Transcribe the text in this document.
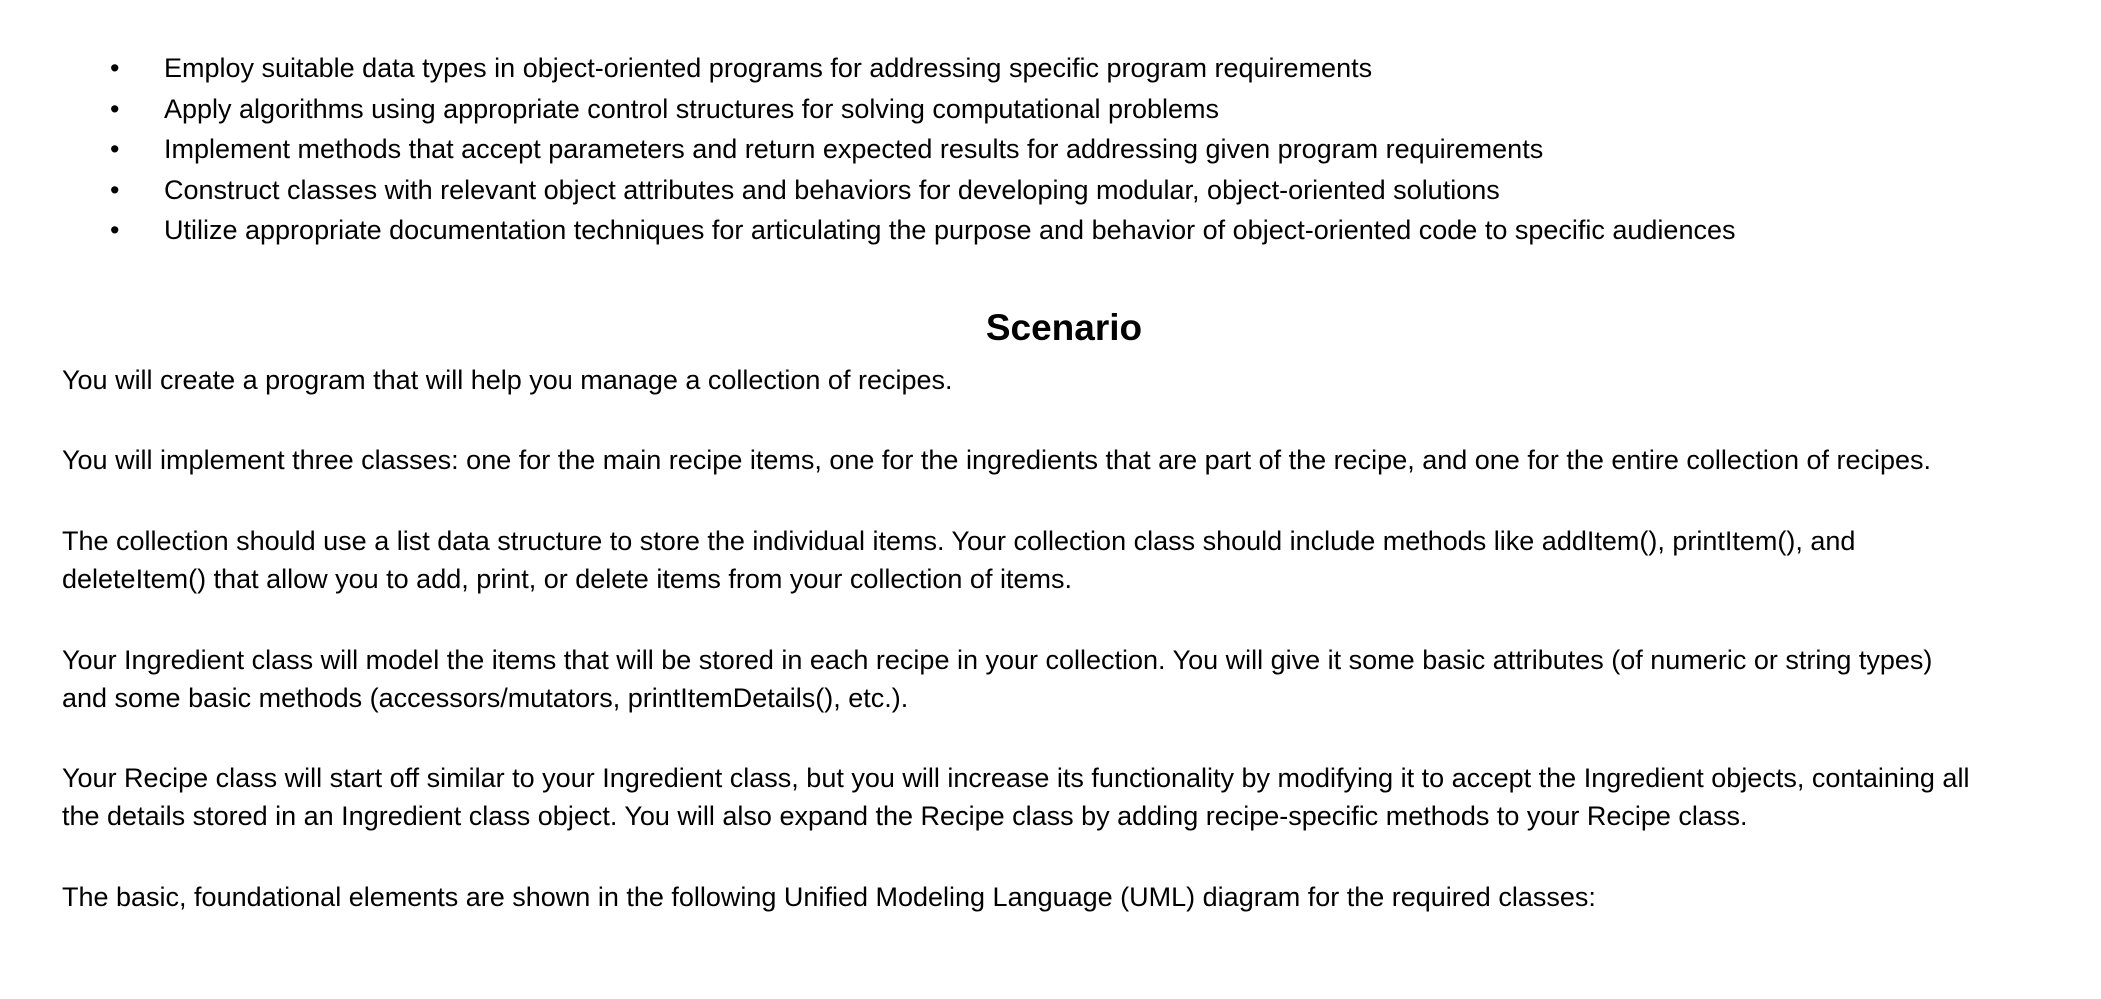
• Employ suitable data types in object-oriented programs for addressing specific program requirements
• Apply algorithms using appropriate control structures for solving computational problems
• Implement methods that accept parameters and return expected results for addressing given program requirements
• Construct classes with relevant object attributes and behaviors for developing modular, object-oriented solutions
• Utilize appropriate documentation techniques for articulating the purpose and behavior of object-oriented code to specific audiences
Scenario

You will create a program that will help you manage a collection of recipes.

You will implement three classes: one for the main recipe items, one for the ingredients that are part of the recipe, and one for the entire collection of recipes.

The collection should use a list data structure to store the individual items. Your collection class should include methods like addItem(), printItem(), and
deleteItem() that allow you to add, print, or delete items from your collection of items.

Your Ingredient class will model the items that will be stored in each recipe in your collection. You will give it some basic attributes (of numeric or string types)
and some basic methods (accessors/mutators, printItemDetails(), etc.).

Your Recipe class will start off similar to your Ingredient class, but you will increase its functionality by modifying it to accept the Ingredient objects, containing all
the details stored in an Ingredient class object. You will also expand the Recipe class by adding recipe-specific methods to your Recipe class.

The basic, foundational elements are shown in the following Unified Modeling Language (UML) diagram for the required classes:
